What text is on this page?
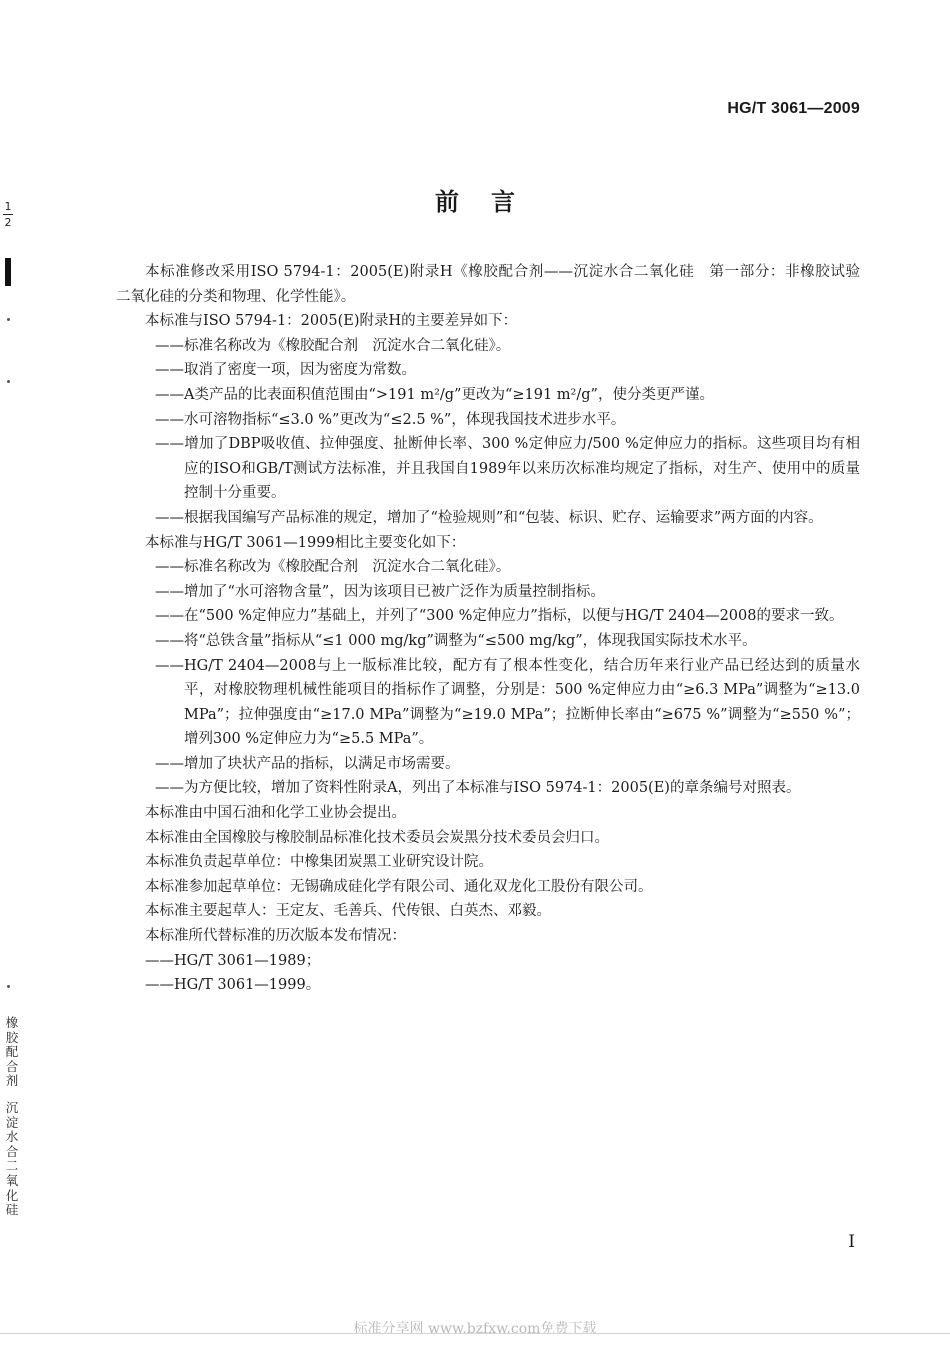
HG/T 3061—2009
前言
1
2
橡胶配合剂
沉淀水合二氧化硅

本标准修改采用ISO 5794-1：2005(E)附录H《橡胶配合剂——沉淀水合二氧化硅　第一部分：非橡胶试验　二氧化硅的分类和物理、化学性能》。

本标准与ISO 5794-1：2005(E)附录H的主要差异如下：

——标准名称改为《橡胶配合剂　沉淀水合二氧化硅》。

——取消了密度一项，因为密度为常数。

——A类产品的比表面积值范围由“>191 m²/g”更改为“≥191 m²/g”，使分类更严谨。

——水可溶物指标“≤3.0 %”更改为“≤2.5 %”，体现我国技术进步水平。

——增加了DBP吸收值、拉伸强度、扯断伸长率、300 %定伸应力/500 %定伸应力的指标。这些项目均有相应的ISO和GB/T测试方法标准，并且我国自1989年以来历次标准均规定了指标，对生产、使用中的质量控制十分重要。

——根据我国编写产品标准的规定，增加了“检验规则”和“包装、标识、贮存、运输要求”两方面的内容。

本标准与HG/T 3061—1999相比主要变化如下：

——标准名称改为《橡胶配合剂　沉淀水合二氧化硅》。

——增加了“水可溶物含量”，因为该项目已被广泛作为质量控制指标。

——在“500 %定伸应力”基础上，并列了“300 %定伸应力”指标，以便与HG/T 2404—2008的要求一致。

——将“总铁含量”指标从“≤1 000 mg/kg”调整为“≤500 mg/kg”，体现我国实际技术水平。

——HG/T 2404—2008与上一版标准比较，配方有了根本性变化，结合历年来行业产品已经达到的质量水平，对橡胶物理机械性能项目的指标作了调整，分别是：500 %定伸应力由“≥6.3 MPa”调整为“≥13.0 MPa”；拉伸强度由“≥17.0 MPa”调整为“≥19.0 MPa”；拉断伸长率由“≥675 %”调整为“≥550 %”；增列300 %定伸应力为“≥5.5 MPa”。

——增加了块状产品的指标，以满足市场需要。

——为方便比较，增加了资料性附录A，列出了本标准与ISO 5974-1：2005(E)的章条编号对照表。

本标准由中国石油和化学工业协会提出。

本标准由全国橡胶与橡胶制品标准化技术委员会炭黑分技术委员会归口。

本标准负责起草单位：中橡集团炭黑工业研究设计院。

本标准参加起草单位：无锡确成硅化学有限公司、通化双龙化工股份有限公司。

本标准主要起草人：王定友、毛善兵、代传银、白英杰、邓毅。

本标准所代替标准的历次版本发布情况：

——HG/T 3061—1989；

——HG/T 3061—1999。

I
标准分享网 www.bzfxw.com免费下载
